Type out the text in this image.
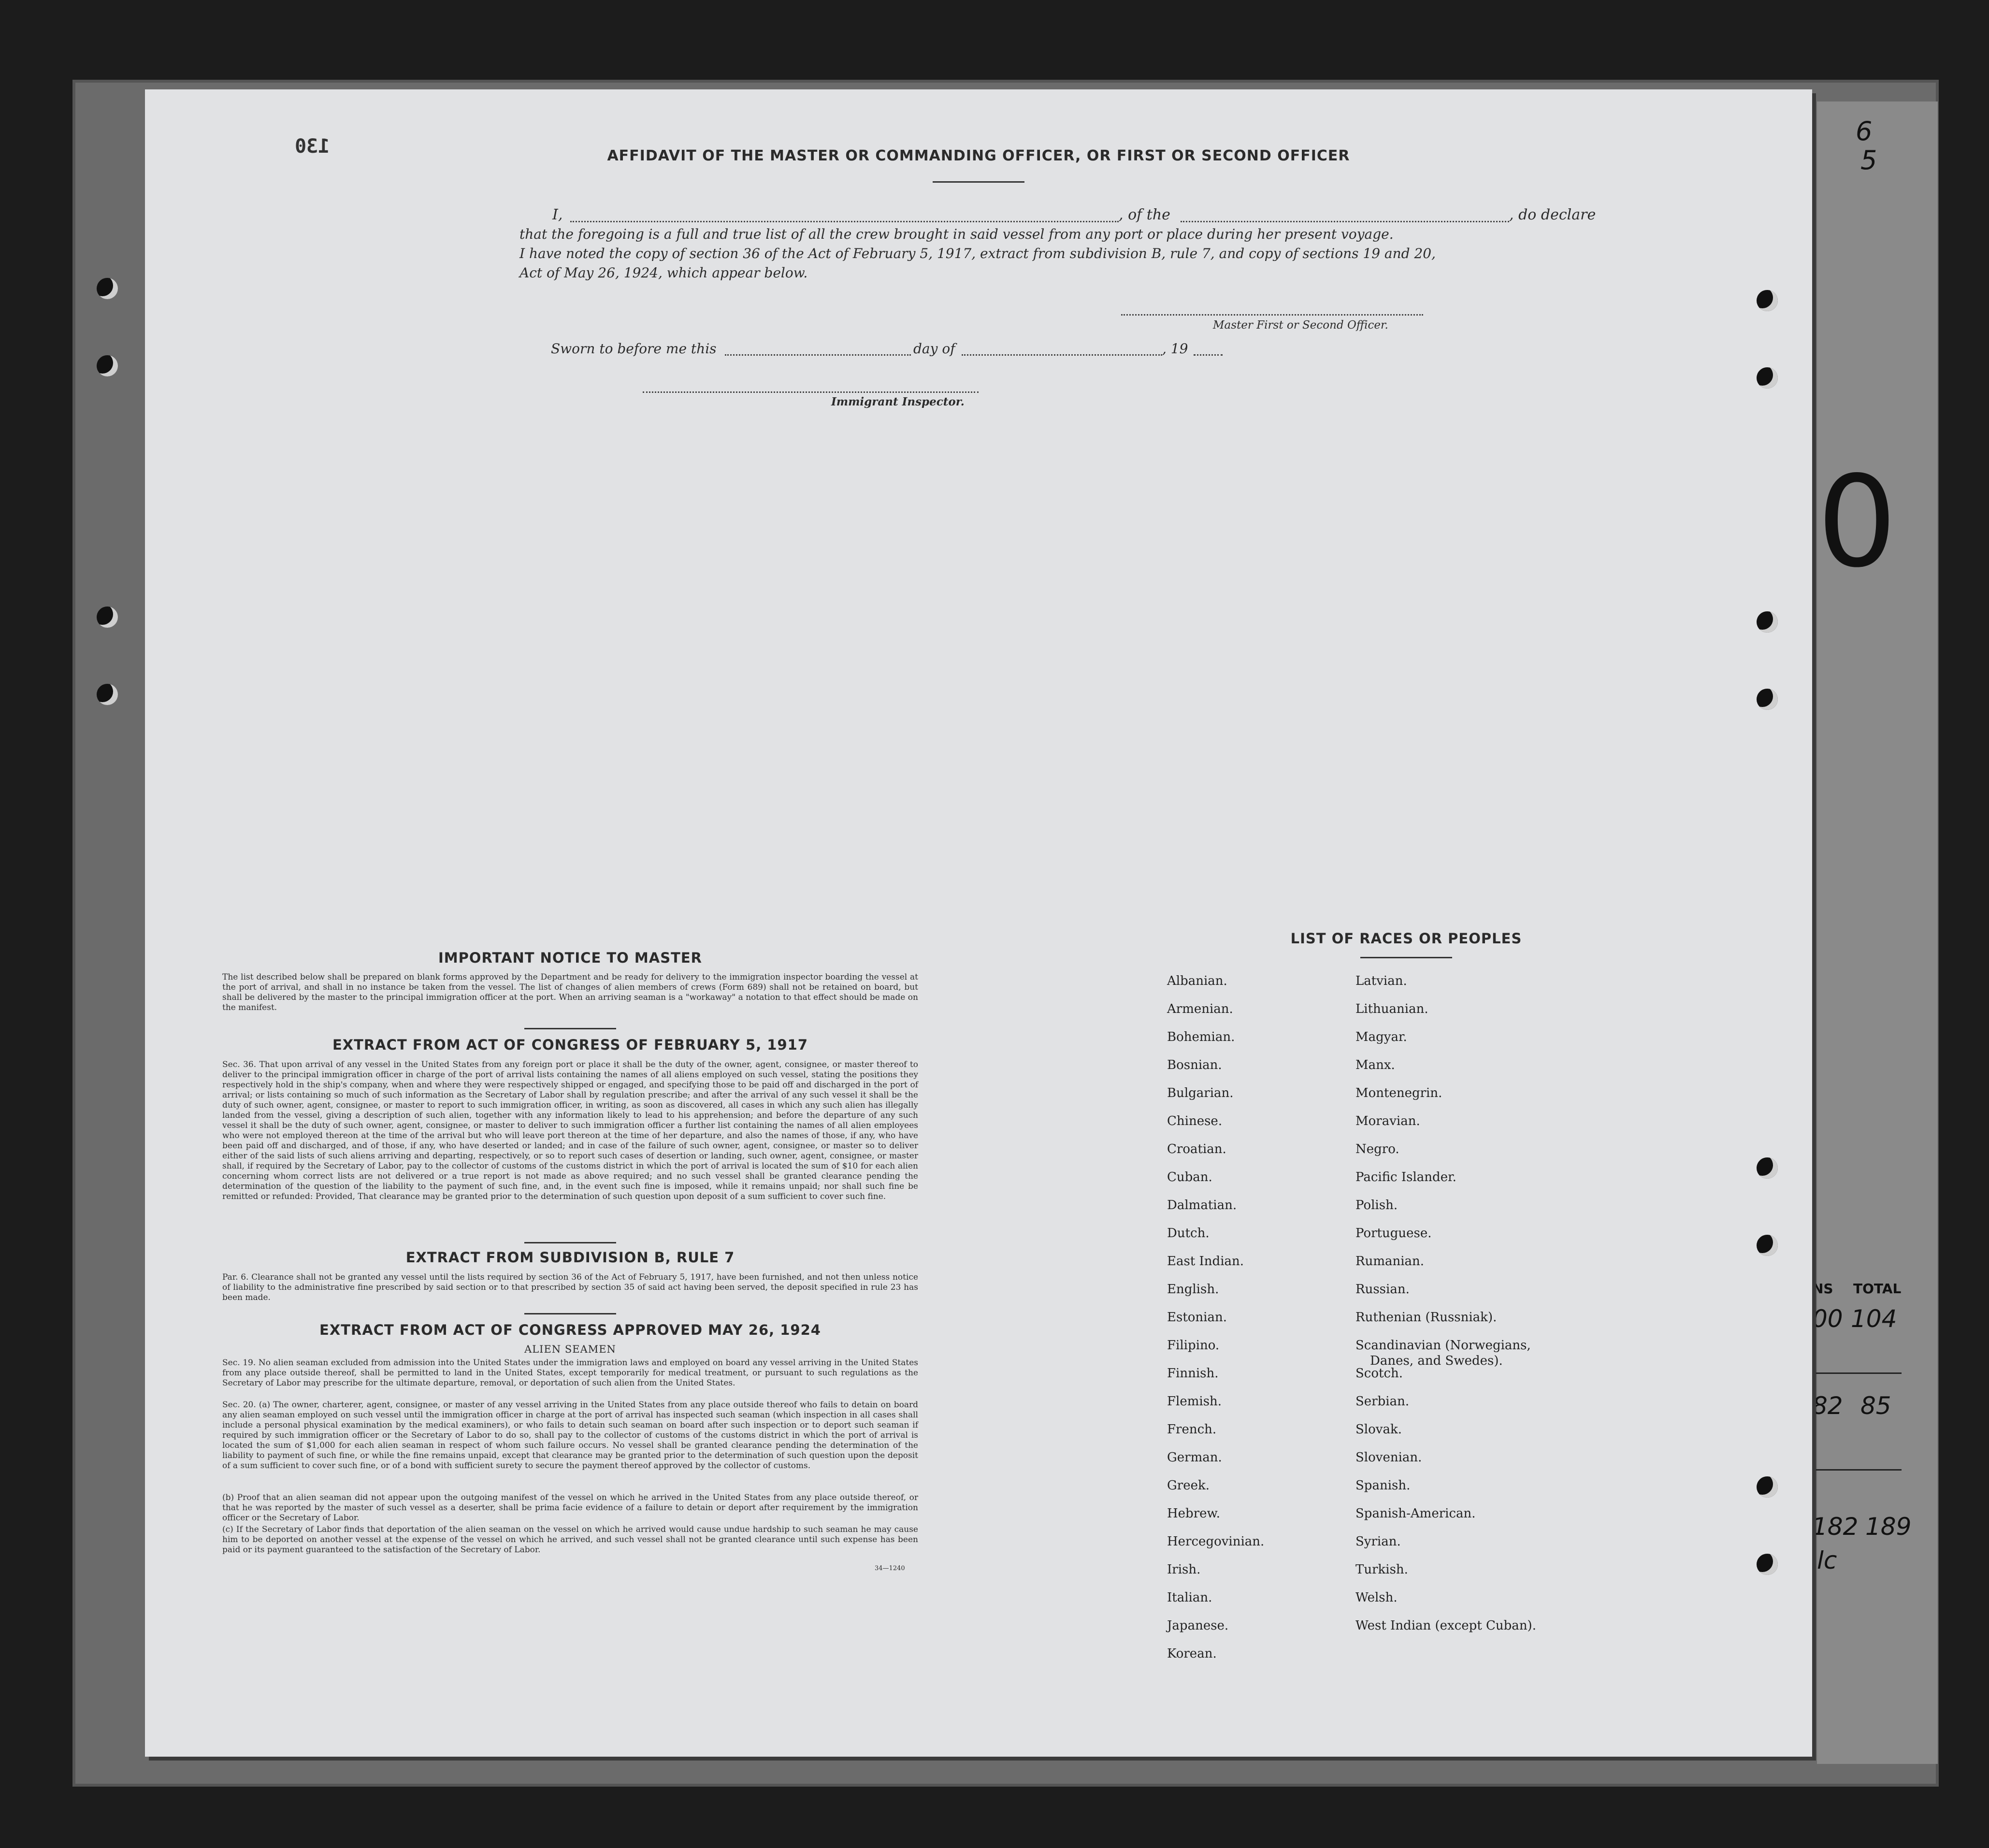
6
5
0
NS TOTAL
00 104
82 85
182 189
lc
130	AFFIDAVIT OF THE MASTER OR COMMANDING OFFICER, OR FIRST OR SECOND OFFICER
I,	, of the	, do declare
that the foregoing is a full and true list of all the crew brought in said vessel from any port or place during her present voyage.
I have noted the copy of section 36 of the Act of February 5, 1917, extract from subdivision B, rule 7, and copy of sections 19 and 20,
Act of May 26, 1924, which appear below.
Master First or Second Officer.
Sworn to before me this	day of	, 19
Immigrant Inspector.
IMPORTANT NOTICE TO MASTER
The list described below shall be prepared on blank forms approved by the Department and be ready for delivery to the immigration inspector boarding the vessel at the port of arrival, and shall in no instance be taken from the vessel. The list of changes of alien members of crews (Form 689) shall not be retained on board, but shall be delivered by the master to the principal immigration officer at the port. When an arriving seaman is a "workaway" a notation to that effect should be made on the manifest.
EXTRACT FROM ACT OF CONGRESS OF FEBRUARY 5, 1917
Sec. 36. That upon arrival of any vessel in the United States from any foreign port or place it shall be the duty of the owner, agent, consignee, or master thereof to deliver to the principal immigration officer in charge of the port of arrival lists containing the names of all aliens employed on such vessel, stating the positions they respectively hold in the ship's company, when and where they were respectively shipped or engaged, and specifying those to be paid off and discharged in the port of arrival; or lists containing so much of such information as the Secretary of Labor shall by regulation prescribe; and after the arrival of any such vessel it shall be the duty of such owner, agent, consignee, or master to report to such immigration officer, in writing, as soon as discovered, all cases in which any such alien has illegally landed from the vessel, giving a description of such alien, together with any information likely to lead to his apprehension; and before the departure of any such vessel it shall be the duty of such owner, agent, consignee, or master to deliver to such immigration officer a further list containing the names of all alien employees who were not employed thereon at the time of the arrival but who will leave port thereon at the time of her departure, and also the names of those, if any, who have been paid off and discharged, and of those, if any, who have deserted or landed; and in case of the failure of such owner, agent, consignee, or master so to deliver either of the said lists of such aliens arriving and departing, respectively, or so to report such cases of desertion or landing, such owner, agent, consignee, or master shall, if required by the Secretary of Labor, pay to the collector of customs of the customs district in which the port of arrival is located the sum of $10 for each alien concerning whom correct lists are not delivered or a true report is not made as above required; and no such vessel shall be granted clearance pending the determination of the question of the liability to the payment of such fine, and, in the event such fine is imposed, while it remains unpaid; nor shall such fine be remitted or refunded: Provided, That clearance may be granted prior to the determination of such question upon deposit of a sum sufficient to cover such fine.
EXTRACT FROM SUBDIVISION B, RULE 7
Par. 6. Clearance shall not be granted any vessel until the lists required by section 36 of the Act of February 5, 1917, have been furnished, and not then unless notice of liability to the administrative fine prescribed by said section or to that prescribed by section 35 of said act having been served, the deposit specified in rule 23 has been made.
EXTRACT FROM ACT OF CONGRESS APPROVED MAY 26, 1924
ALIEN SEAMEN
Sec. 19. No alien seaman excluded from admission into the United States under the immigration laws and employed on board any vessel arriving in the United States from any place outside thereof, shall be permitted to land in the United States, except temporarily for medical treatment, or pursuant to such regulations as the Secretary of Labor may prescribe for the ultimate departure, removal, or deportation of such alien from the United States.
Sec. 20. (a) The owner, charterer, agent, consignee, or master of any vessel arriving in the United States from any place outside thereof who fails to detain on board any alien seaman employed on such vessel until the immigration officer in charge at the port of arrival has inspected such seaman (which inspection in all cases shall include a personal physical examination by the medical examiners), or who fails to detain such seaman on board after such inspection or to deport such seaman if required by such immigration officer or the Secretary of Labor to do so, shall pay to the collector of customs of the customs district in which the port of arrival is located the sum of $1,000 for each alien seaman in respect of whom such failure occurs. No vessel shall be granted clearance pending the determination of the liability to payment of such fine, or while the fine remains unpaid, except that clearance may be granted prior to the determination of such question upon the deposit of a sum sufficient to cover such fine, or of a bond with sufficient surety to secure the payment thereof approved by the collector of customs.
(b) Proof that an alien seaman did not appear upon the outgoing manifest of the vessel on which he arrived in the United States from any place outside thereof, or that he was reported by the master of such vessel as a deserter, shall be prima facie evidence of a failure to detain or deport after requirement by the immigration officer or the Secretary of Labor.
(c) If the Secretary of Labor finds that deportation of the alien seaman on the vessel on which he arrived would cause undue hardship to such seaman he may cause him to be deported on another vessel at the expense of the vessel on which he arrived, and such vessel shall not be granted clearance until such expense has been paid or its payment guaranteed to the satisfaction of the Secretary of Labor.
34—1240
LIST OF RACES OR PEOPLES
Albanian.
Armenian.
Bohemian.
Bosnian.
Bulgarian.
Chinese.
Croatian.
Cuban.
Dalmatian.
Dutch.
East Indian.
English.
Estonian.
Filipino.
Finnish.
Flemish.
French.
German.
Greek.
Hebrew.
Hercegovinian.
Irish.
Italian.
Japanese.
Korean.
Latvian.
Lithuanian.
Magyar.
Manx.
Montenegrin.
Moravian.
Negro.
Pacific Islander.
Polish.
Portuguese.
Rumanian.
Russian.
Ruthenian (Russniak).
Scandinavian (Norwegians,
Danes, and Swedes).
Scotch.
Serbian.
Slovak.
Slovenian.
Spanish.
Spanish-American.
Syrian.
Turkish.
Welsh.
West Indian (except Cuban).
